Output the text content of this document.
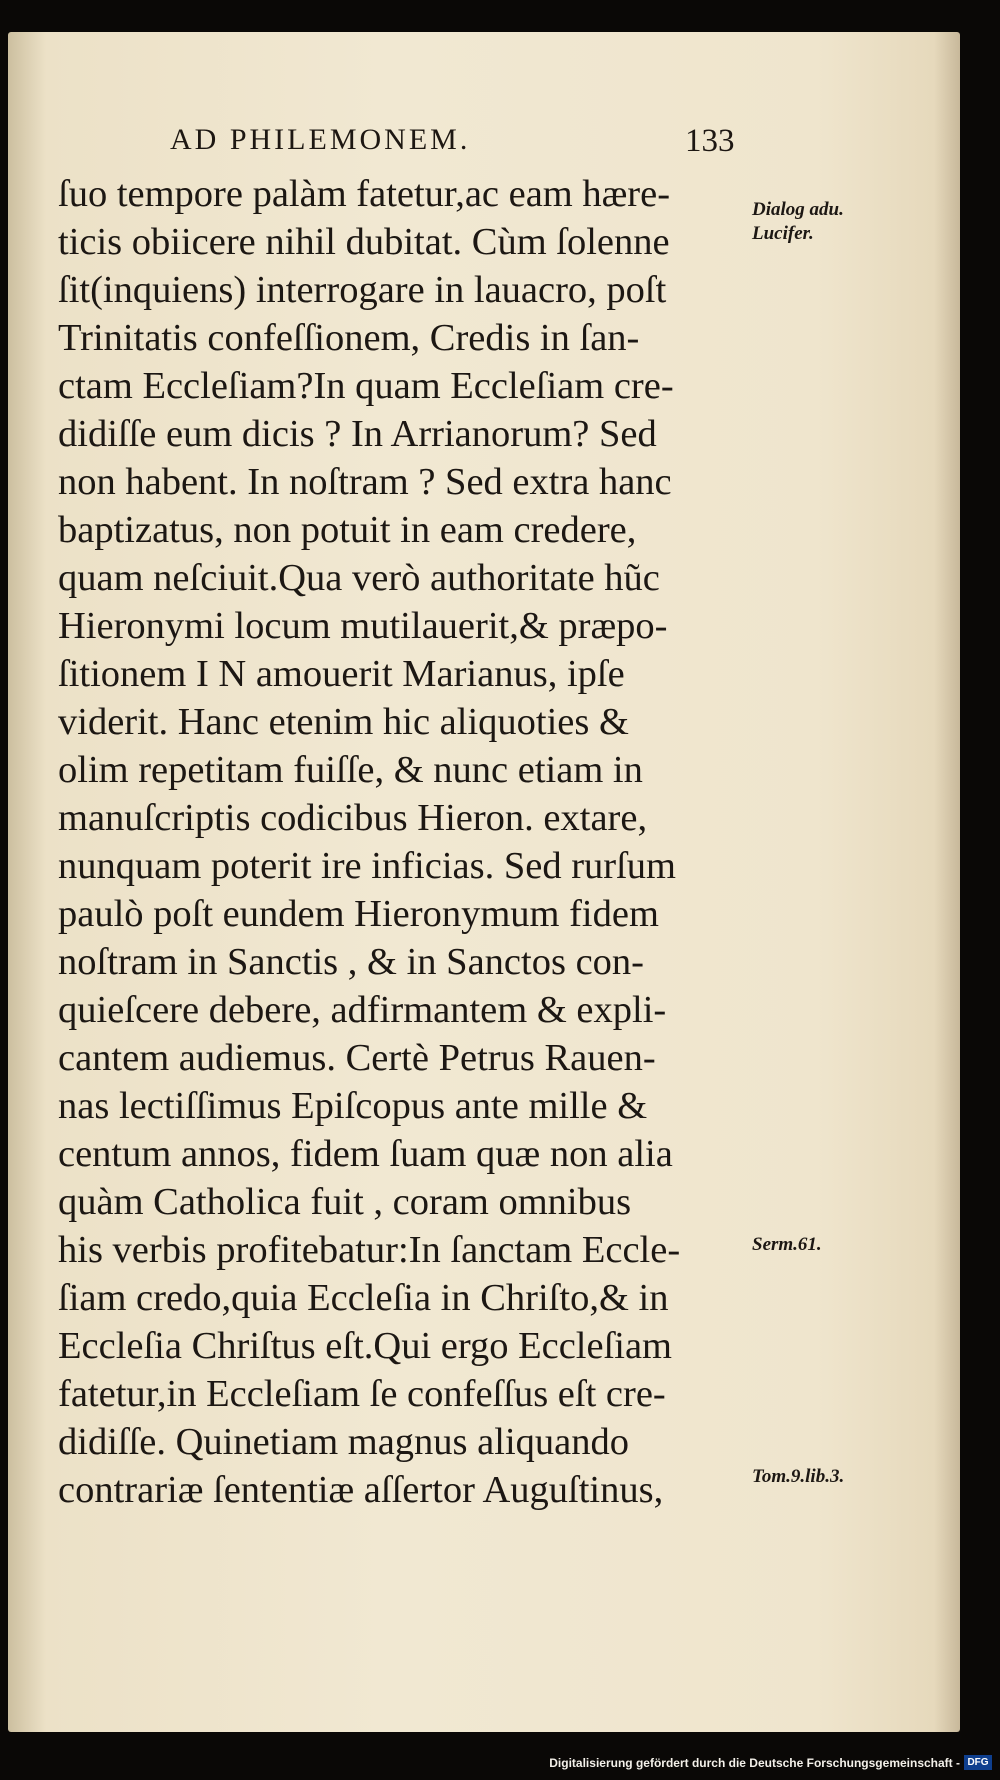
AD PHILEMONEM.	133
ſuo tempore palàm fatetur,ac eam hære-
ticis obiicere nihil dubitat. Cùm ſolenne
ſit(inquiens) interrogare in lauacro, poſt
Trinitatis confeſſionem, Credis in ſan-
ctam Eccleſiam?In quam Eccleſiam cre-
didiſſe eum dicis ? In Arrianorum? Sed
non habent. In noſtram ? Sed extra hanc
baptizatus, non potuit in eam credere,
quam neſciuit.Qua verò authoritate hũc
Hieronymi locum mutilauerit,& præpo-
ſitionem I N amouerit Marianus, ipſe
viderit. Hanc etenim hic aliquoties &
olim repetitam fuiſſe, & nunc etiam in
manuſcriptis codicibus Hieron. extare,
nunquam poterit ire inficias. Sed rurſum
paulò poſt eundem Hieronymum fidem
noſtram in Sanctis , & in Sanctos con-
quieſcere debere, adfirmantem & expli-
cantem audiemus. Certè Petrus Rauen-
nas lectiſſimus Epiſcopus ante mille &
centum annos, fidem ſuam quæ non alia
quàm Catholica fuit , coram omnibus
his verbis profitebatur:In ſanctam Eccle-
ſiam credo,quia Eccleſia in Chriſto,& in
Eccleſia Chriſtus eſt.Qui ergo Eccleſiam
fatetur,in Eccleſiam ſe confeſſus eſt cre-
didiſſe. Quinetiam magnus aliquando
contrariæ ſententiæ aſſertor Auguſtinus,
Dialog adu.
Lucifer.
Serm.61.
Tom.9.lib.3.
Digitalisierung gefördert durch die Deutsche Forschungsgemeinschaft - DFG
